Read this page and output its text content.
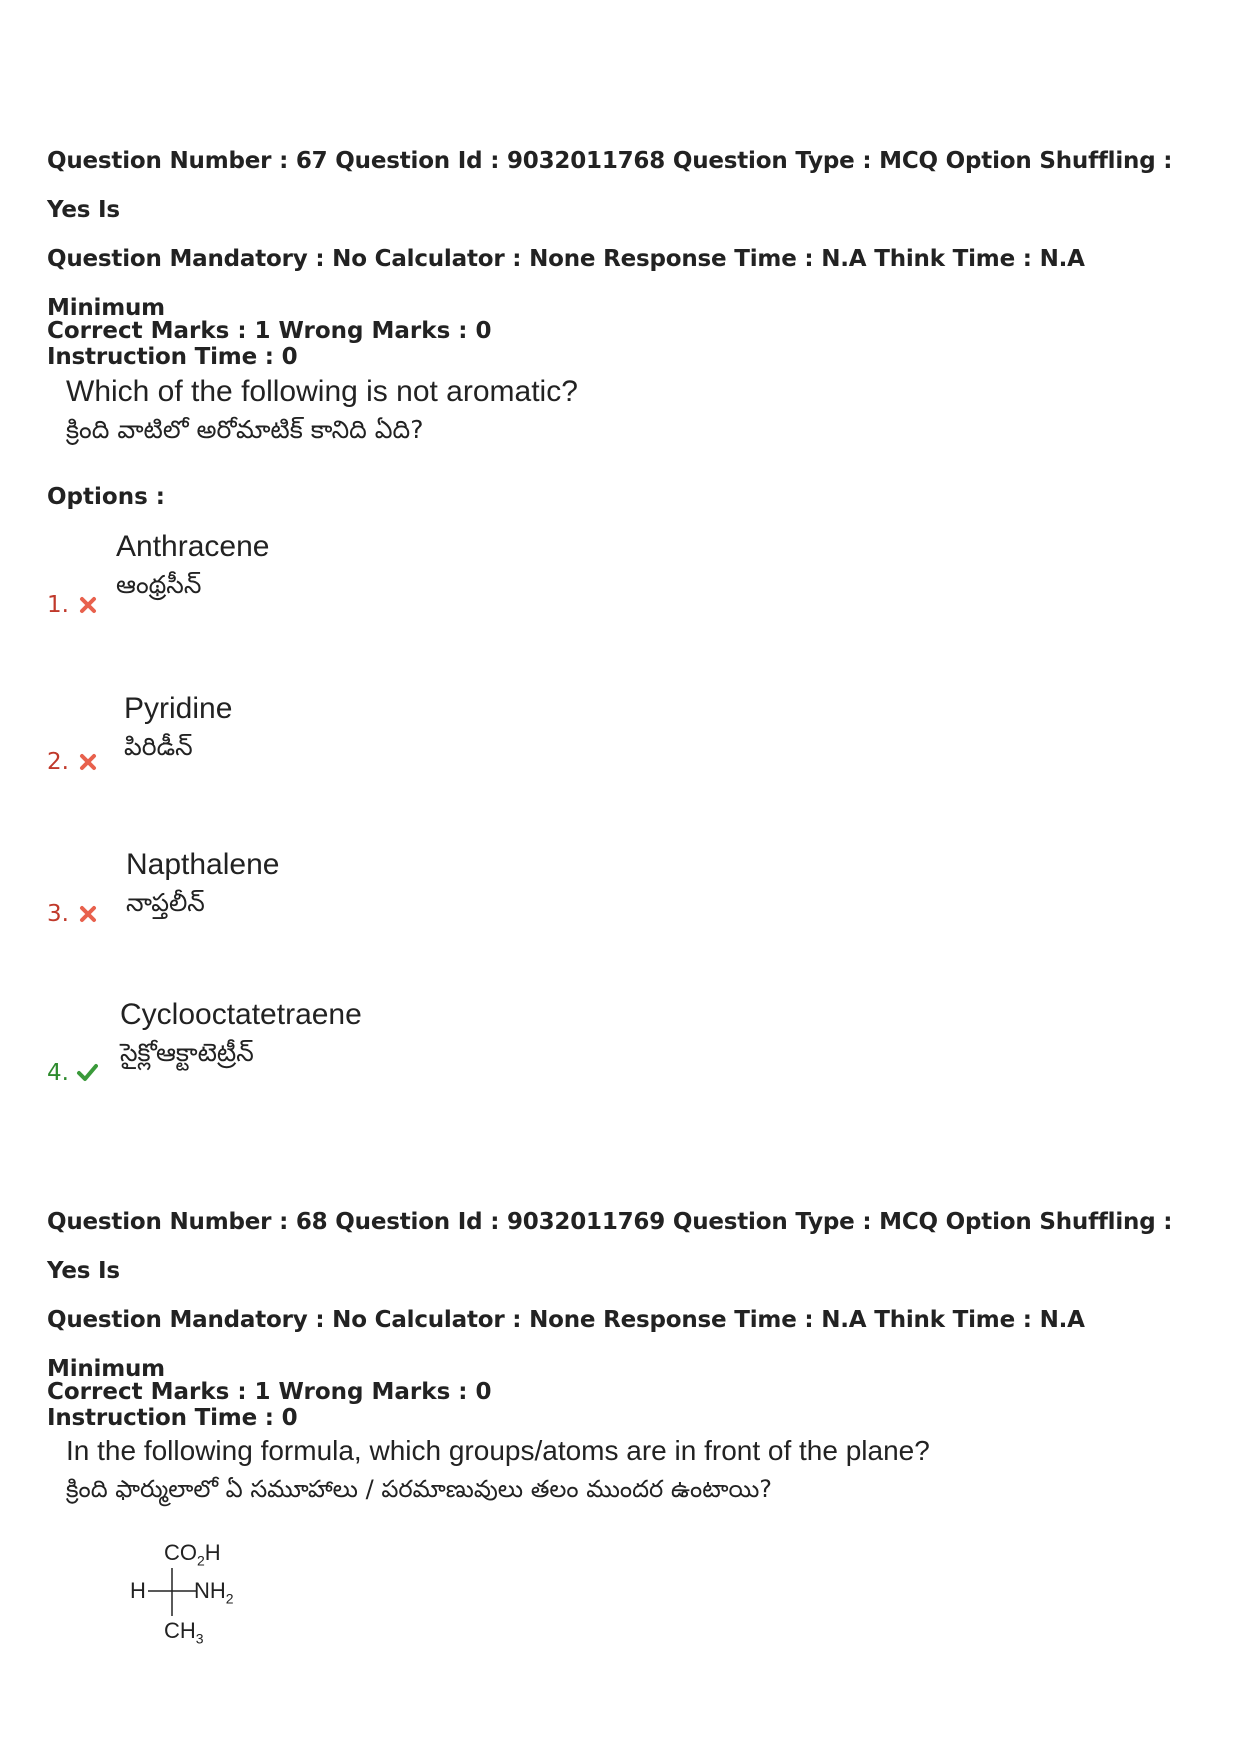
Question Number : 67 Question Id : 9032011768 Question Type : MCQ Option Shuffling : Yes Is
Question Mandatory : No Calculator : None Response Time : N.A Think Time : N.A Minimum
Instruction Time : 0
Correct Marks : 1 Wrong Marks : 0
Which of the following is not aromatic?
క్రింది వాటిలో అరోమాటిక్ కానిది ఏది?
Options :
Anthracene
ఆంథ్రసీన్
1.
Pyridine
పిరిడీన్
2.
Napthalene
నాప్తలీన్
3.
Cyclooctatetraene
సైక్లోఆక్టాటెట్రీన్
4.
Question Number : 68 Question Id : 9032011769 Question Type : MCQ Option Shuffling : Yes Is
Question Mandatory : No Calculator : None Response Time : N.A Think Time : N.A Minimum
Instruction Time : 0
Correct Marks : 1 Wrong Marks : 0
In the following formula, which groups/atoms are in front of the plane?
క్రింది ఫార్ములాలో ఏ సమూహాలు / పరమాణువులు తలం ముందర ఉంటాయి?
$CO_2H$
H $NH_2$
$CH_3$
